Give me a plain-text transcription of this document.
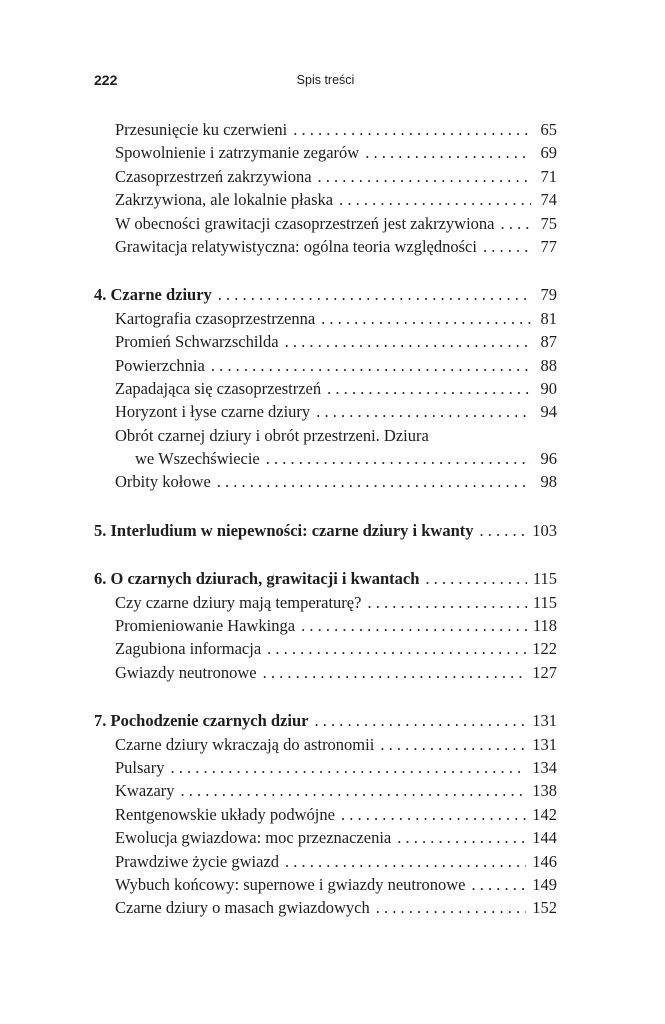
222	Spis treści
Przesunięcie ku czerwieni . . .	65
Spowolnienie i zatrzymanie zegarów . . .	69
Czasoprzestrzeń zakrzywiona . . .	71
Zakrzywiona, ale lokalnie płaska . . .	74
W obecności grawitacji czasoprzestrzeń jest zakrzywiona . . .	75
Grawitacja relatywistyczna: ogólna teoria względności . . .	77
4. Czarne dziury . . .	79
Kartografia czasoprzestrzenna . . .	81
Promień Schwarzschilda . . .	87
Powierzchnia . . .	88
Zapadająca się czasoprzestrzeń . . .	90
Horyzont i łyse czarne dziury . . .	94
Obrót czarnej dziury i obrót przestrzeni. Dziura
we Wszechświecie . . .	96
Orbity kołowe . . .	98
5. Interludium w niepewności: czarne dziury i kwanty . . .	103
6. O czarnych dziurach, grawitacji i kwantach . . .	115
Czy czarne dziury mają temperaturę? . . .	115
Promieniowanie Hawkinga . . .	118
Zagubiona informacja . . .	122
Gwiazdy neutronowe . . .	127
7. Pochodzenie czarnych dziur . . .	131
Czarne dziury wkraczają do astronomii . . .	131
Pulsary . . .	134
Kwazary . . .	138
Rentgenowskie układy podwójne . . .	142
Ewolucja gwiazdowa: moc przeznaczenia . . .	144
Prawdziwe życie gwiazd . . .	146
Wybuch końcowy: supernowe i gwiazdy neutronowe . . .	149
Czarne dziury o masach gwiazdowych . . .	152
